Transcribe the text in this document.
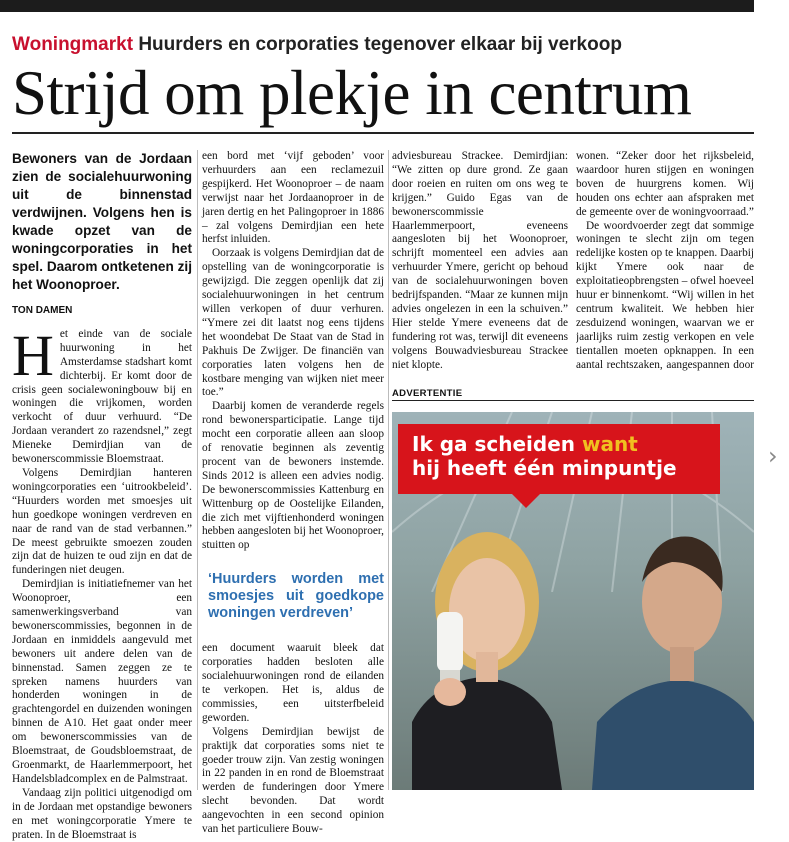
Woningmarkt Huurders en corporaties tegenover elkaar bij verkoop
Strijd om plekje in centrum
Bewoners van de Jordaan zien de socialehuurwoning uit de binnenstad verdwijnen. Volgens hen is kwade opzet van de woningcorporaties in het spel. Daarom ontketenen zij het Woonoproer.
TON DAMEN

Het einde van de sociale huurwoning in het Amsterdamse stadshart komt dichterbij. Er komt door de crisis geen socialewoningbouw bij en woningen die vrijkomen, worden verkocht of duur verhuurd. “De Jordaan verandert zo razendsnel,” zegt Mieneke Demirdjian van de bewonerscommissie Bloemstraat.

Volgens Demirdjian hanteren woningcorporaties een ‘uitrookbeleid’. “Huurders worden met smoesjes uit hun goedkope woningen verdreven en naar de rand van de stad verbannen.” De meest gebruikte smoezen zouden zijn dat de huizen te oud zijn en dat de funderingen niet deugen.

Demirdjian is initiatiefnemer van het Woonoproer, een samenwerkingsverband van bewonerscommissies, begonnen in de Jordaan en inmiddels aangevuld met bewoners uit andere delen van de binnenstad. Samen zeggen ze te spreken namens huurders van honderden woningen in de grachtengordel en duizenden woningen binnen de A10. Het gaat onder meer om bewonerscommissies van de Bloemstraat, de Goudsbloemstraat, de Groenmarkt, de Haarlemmerpoort, het Handelsbladcomplex en de Palmstraat.

Vandaag zijn politici uitgenodigd om in de Jordaan met opstandige bewoners en met woningcorporatie Ymere te praten. In de Bloemstraat is

een bord met ‘vijf geboden’ voor verhuurders aan een reclamezuil gespijkerd. Het Woonoproer – de naam verwijst naar het Jordaanoproer in de jaren dertig en het Palingoproer in 1886 – zal volgens Demirdjian een hete herfst inluiden.

Oorzaak is volgens Demirdjian dat de opstelling van de woningcorporatie is gewijzigd. Die zeggen openlijk dat zij socialehuurwoningen in het centrum willen verkopen of duur verhuren. “Ymere zei dit laatst nog eens tijdens het woondebat De Staat van de Stad in Pakhuis De Zwijger. De financiën van corporaties laten volgens hen de kostbare menging van wijken niet meer toe.”

Daarbij komen de veranderde regels rond bewonersparticipatie. Lange tijd mocht een corporatie alleen aan sloop of renovatie beginnen als zeventig procent van de bewoners instemde. Sinds 2012 is alleen een advies nodig. De bewonerscommissies Kattenburg en Wittenburg op de Oostelijke Eilanden, die zich met vijftienhonderd woningen hebben aangesloten bij het Woonoproer, stuitten op

‘Huurders worden met smoesjes uit goedkope woningen verdreven’

een document waaruit bleek dat corporaties hadden besloten alle socialehuurwoningen rond de eilanden te verkopen. Het is, aldus de commissies, een uitsterfbeleid geworden.

Volgens Demirdjian bewijst de praktijk dat corporaties soms niet te goeder trouw zijn. Van zestig woningen in 22 panden in en rond de Bloemstraat werden de funderingen door Ymere slecht bevonden. Dat wordt aangevochten in een second opinion van het particuliere Bouw-

adviesbureau Strackee. Demirdjian: “We zitten op dure grond. Ze gaan door roeien en ruiten om ons weg te krijgen.” Guido Egas van de bewonerscommissie Haarlemmerpoort, eveneens aangesloten bij het Woonoproer, schrijft momenteel een advies aan verhuurder Ymere, gericht op behoud van de socialehuurwoningen boven bedrijfspanden. “Maar ze kunnen mijn advies ongelezen in een la schuiven.” Hier stelde Ymere eveneens dat de fundering rot was, terwijl dit eveneens volgens Bouwadviesbureau Strackee niet klopte.

wonen. “Zeker door het rijksbeleid, waardoor huren stijgen en woningen boven de huurgrens komen. Wij houden ons echter aan afspraken met de gemeente over de woningvoorraad.”

De woordvoerder zegt dat sommige woningen te slecht zijn om tegen redelijke kosten op te knappen. Daarbij kijkt Ymere ook naar de exploitatieopbrengsten – ofwel hoeveel huur er binnenkomt. “Wij willen in het centrum kwaliteit. We hebben hier zesduizend woningen, waarvan we er jaarlijks ruim zestig verkopen en vele tientallen moeten opknappen. In een aantal rechtszaken, aangespannen door

ADVERTENTIE
Ik ga scheiden want
hij heeft één minpuntje	›
